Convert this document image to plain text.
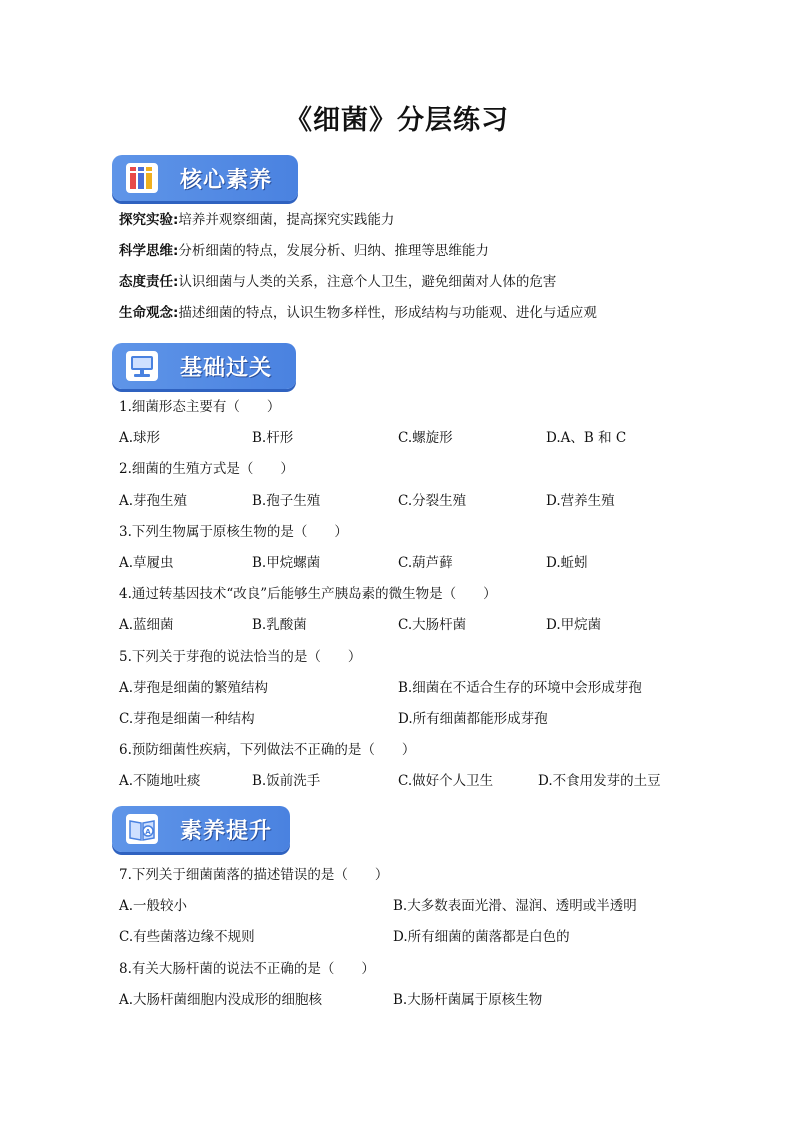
《细菌》分层练习
核心素养
探究实验:培养并观察细菌，提高探究实践能力
科学思维:分析细菌的特点，发展分析、归纳、推理等思维能力
态度责任:认识细菌与人类的关系，注意个人卫生，避免细菌对人体的危害
生命观念:描述细菌的特点，认识生物多样性，形成结构与功能观、进化与适应观
基础过关
1.细菌形态主要有（　　）
A.球形	B.杆形	C.螺旋形	D.A、B 和 C
2.细菌的生殖方式是（　　）
A.芽孢生殖	B.孢子生殖	C.分裂生殖	D.营养生殖
3.下列生物属于原核生物的是（　　）
A.草履虫	B.甲烷螺菌	C.葫芦藓	D.蚯蚓
4.通过转基因技术“改良”后能够生产胰岛素的微生物是（　　）
A.蓝细菌	B.乳酸菌	C.大肠杆菌	D.甲烷菌
5.下列关于芽孢的说法恰当的是（　　）
A.芽孢是细菌的繁殖结构	B.细菌在不适合生存的环境中会形成芽孢
C.芽孢是细菌一种结构	D.所有细菌都能形成芽孢
6.预防细菌性疾病，下列做法不正确的是（　　）
A.不随地吐痰	B.饭前洗手	C.做好个人卫生	D.不食用发芽的土豆
A 素养提升
7.下列关于细菌菌落的描述错误的是（　　）
A.一般较小	B.大多数表面光滑、湿润、透明或半透明
C.有些菌落边缘不规则	D.所有细菌的菌落都是白色的
8.有关大肠杆菌的说法不正确的是（　　）
A.大肠杆菌细胞内没成形的细胞核	B.大肠杆菌属于原核生物
